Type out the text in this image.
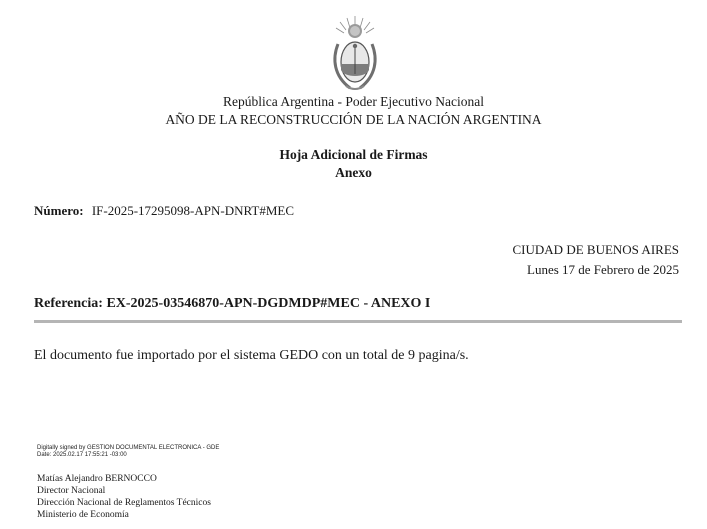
República Argentina - Poder Ejecutivo Nacional
AÑO DE LA RECONSTRUCCIÓN DE LA NACIÓN ARGENTINA
Hoja Adicional de Firmas
Anexo
Número: IF-2025-17295098-APN-DNRT#MEC
CIUDAD DE BUENOS AIRES
Lunes 17 de Febrero de 2025
Referencia: EX-2025-03546870-APN-DGDMDP#MEC - ANEXO I
El documento fue importado por el sistema GEDO con un total de 9 pagina/s.
Digitally signed by GESTION DOCUMENTAL ELECTRONICA - GDE
Date: 2025.02.17 17:55:21 -03:00
Matías Alejandro BERNOCCO
Director Nacional
Dirección Nacional de Reglamentos Técnicos
Ministerio de Economía
